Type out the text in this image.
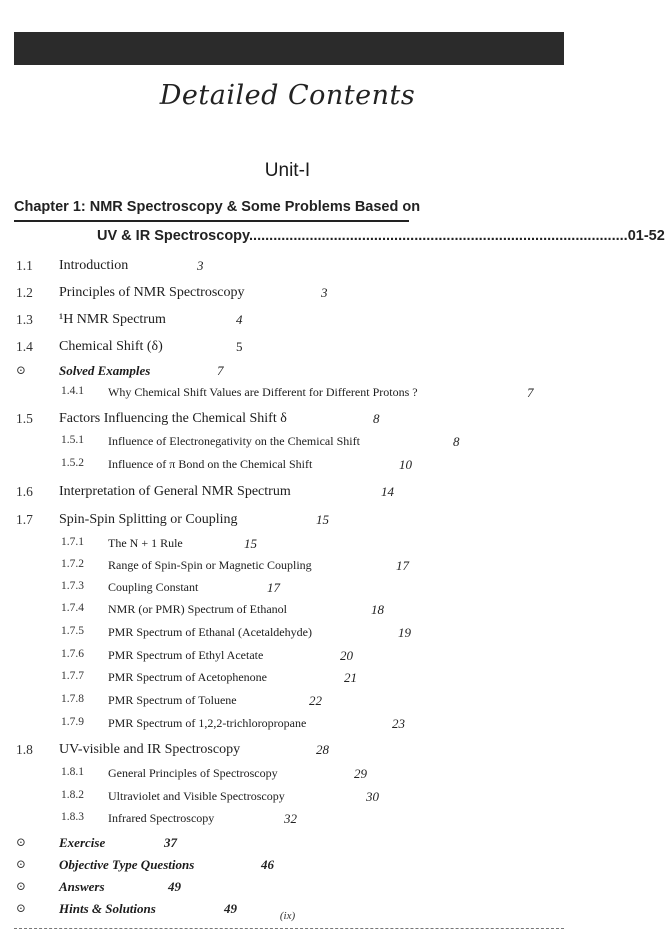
Detailed Contents
Unit-I
Chapter 1: NMR Spectroscopy & Some Problems Based on
UV & IR Spectroscopy..............................................................................................01-52
1.1 Introduction	3
1.2 Principles of NMR Spectroscopy	3
1.3 ¹H NMR Spectrum	4
1.4 Chemical Shift (δ)	5
⊙	Solved Examples	7
1.4.1 Why Chemical Shift Values are Different for Different Protons ?	7
1.5 Factors Influencing the Chemical Shift δ	8
1.5.1 Influence of Electronegativity on the Chemical Shift	8
1.5.2 Influence of π Bond on the Chemical Shift	10
1.6 Interpretation of General NMR Spectrum	14
1.7 Spin-Spin Splitting or Coupling	15
1.7.1 The N + 1 Rule	15
1.7.2 Range of Spin-Spin or Magnetic Coupling	17
1.7.3 Coupling Constant	17
1.7.4 NMR (or PMR) Spectrum of Ethanol	18
1.7.5 PMR Spectrum of Ethanal (Acetaldehyde)	19
1.7.6 PMR Spectrum of Ethyl Acetate	20
1.7.7 PMR Spectrum of Acetophenone	21
1.7.8 PMR Spectrum of Toluene	22
1.7.9 PMR Spectrum of 1,2,2-trichloropropane	23
1.8 UV-visible and IR Spectroscopy	28
1.8.1 General Principles of Spectroscopy	29
1.8.2 Ultraviolet and Visible Spectroscopy	30
1.8.3 Infrared Spectroscopy	32
⊙	Exercise	37
⊙	Objective Type Questions	46
⊙	Answers	49
⊙	Hints & Solutions	49	(ix)
